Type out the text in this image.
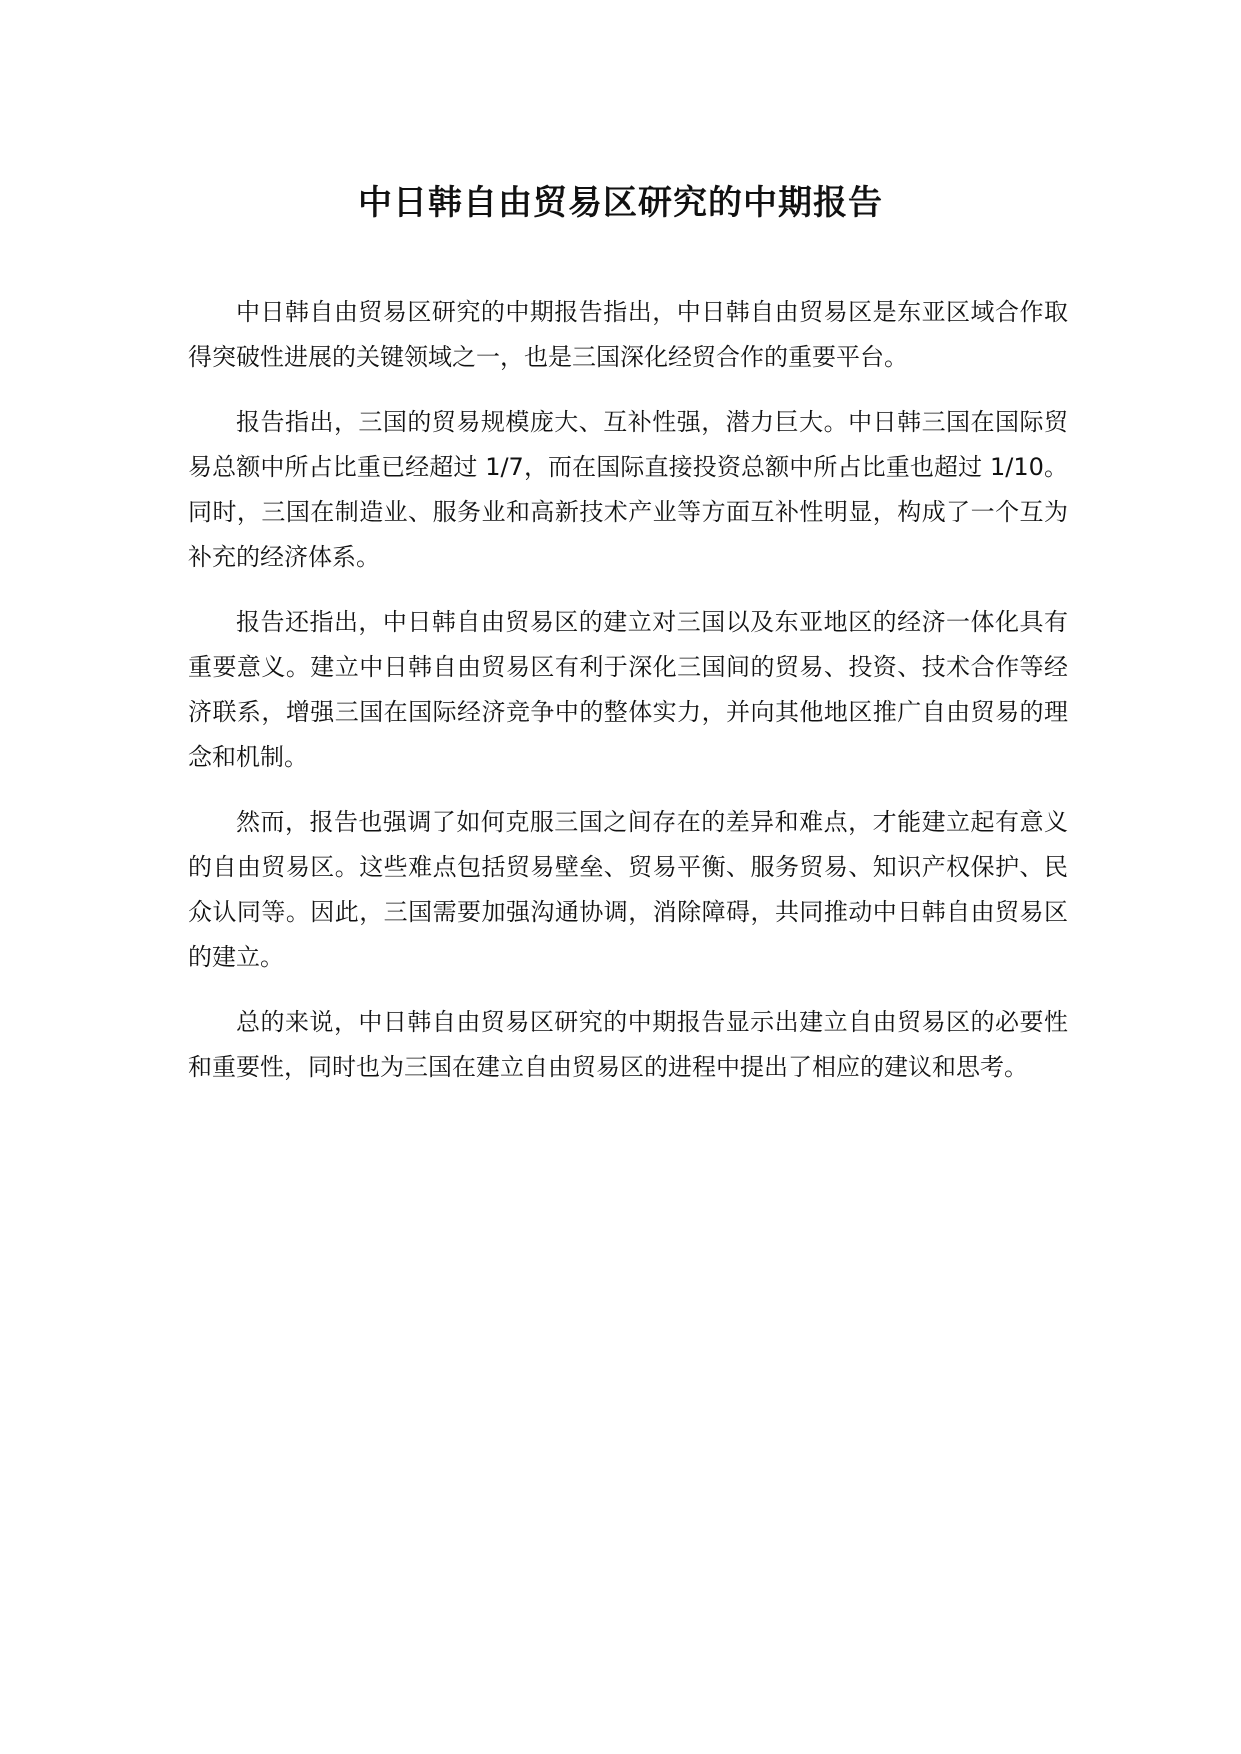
中日韩自由贸易区研究的中期报告

中日韩自由贸易区研究的中期报告指出，中日韩自由贸易区是东亚区域合作取得突破性进展的关键领域之一，也是三国深化经贸合作的重要平台。

报告指出，三国的贸易规模庞大、互补性强，潜力巨大。中日韩三国在国际贸易总额中所占比重已经超过 1/7，而在国际直接投资总额中所占比重也超过 1/10。同时，三国在制造业、服务业和高新技术产业等方面互补性明显，构成了一个互为补充的经济体系。

报告还指出，中日韩自由贸易区的建立对三国以及东亚地区的经济一体化具有重要意义。建立中日韩自由贸易区有利于深化三国间的贸易、投资、技术合作等经济联系，增强三国在国际经济竞争中的整体实力，并向其他地区推广自由贸易的理念和机制。

然而，报告也强调了如何克服三国之间存在的差异和难点，才能建立起有意义的自由贸易区。这些难点包括贸易壁垒、贸易平衡、服务贸易、知识产权保护、民众认同等。因此，三国需要加强沟通协调，消除障碍，共同推动中日韩自由贸易区的建立。

总的来说，中日韩自由贸易区研究的中期报告显示出建立自由贸易区的必要性和重要性，同时也为三国在建立自由贸易区的进程中提出了相应的建议和思考。
